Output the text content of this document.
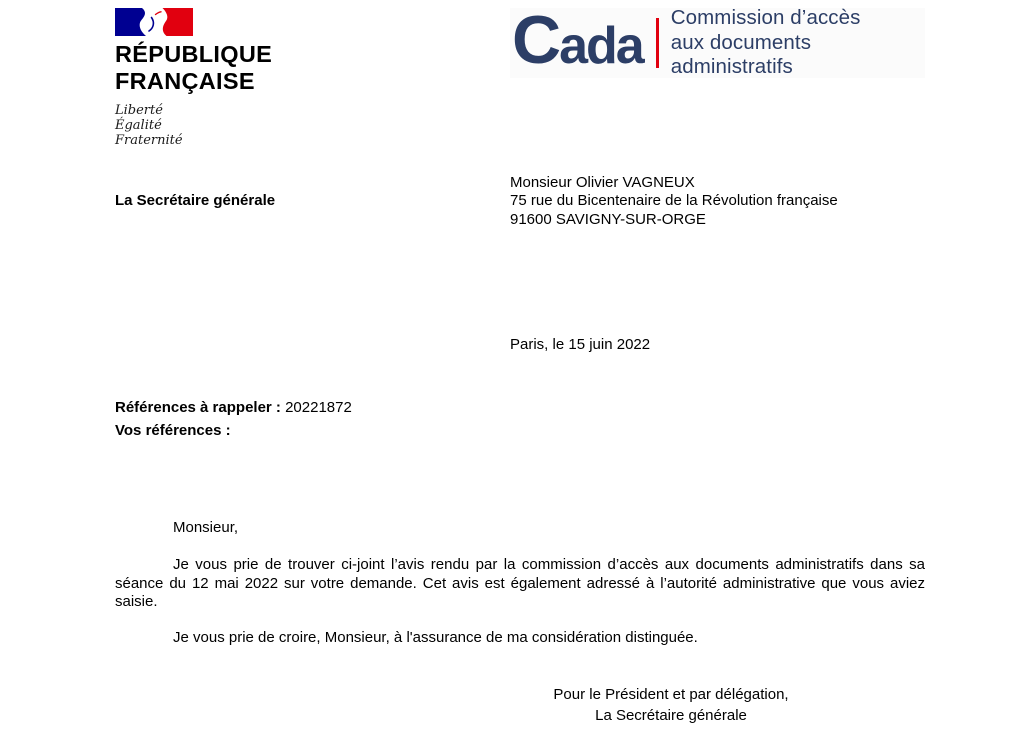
RÉPUBLIQUE
FRANÇAISE
Liberté
Égalité
Fraternité
Cada Commission d’accès
aux documents administratifs
La Secrétaire générale
Monsieur Olivier VAGNEUX
75 rue du Bicentenaire de la Révolution française
91600 SAVIGNY-SUR-ORGE
Paris, le 15 juin 2022
Références à rappeler : 20221872
Vos références :
Monsieur,
Je vous prie de trouver ci-joint l’avis rendu par la commission d’accès aux documents administratifs dans sa séance du 12 mai 2022 sur votre demande. Cet avis est également adressé à l’autorité administrative que vous aviez saisie.
Je vous prie de croire, Monsieur, à l'assurance de ma considération distinguée.
Pour le Président et par délégation,
La Secrétaire générale
